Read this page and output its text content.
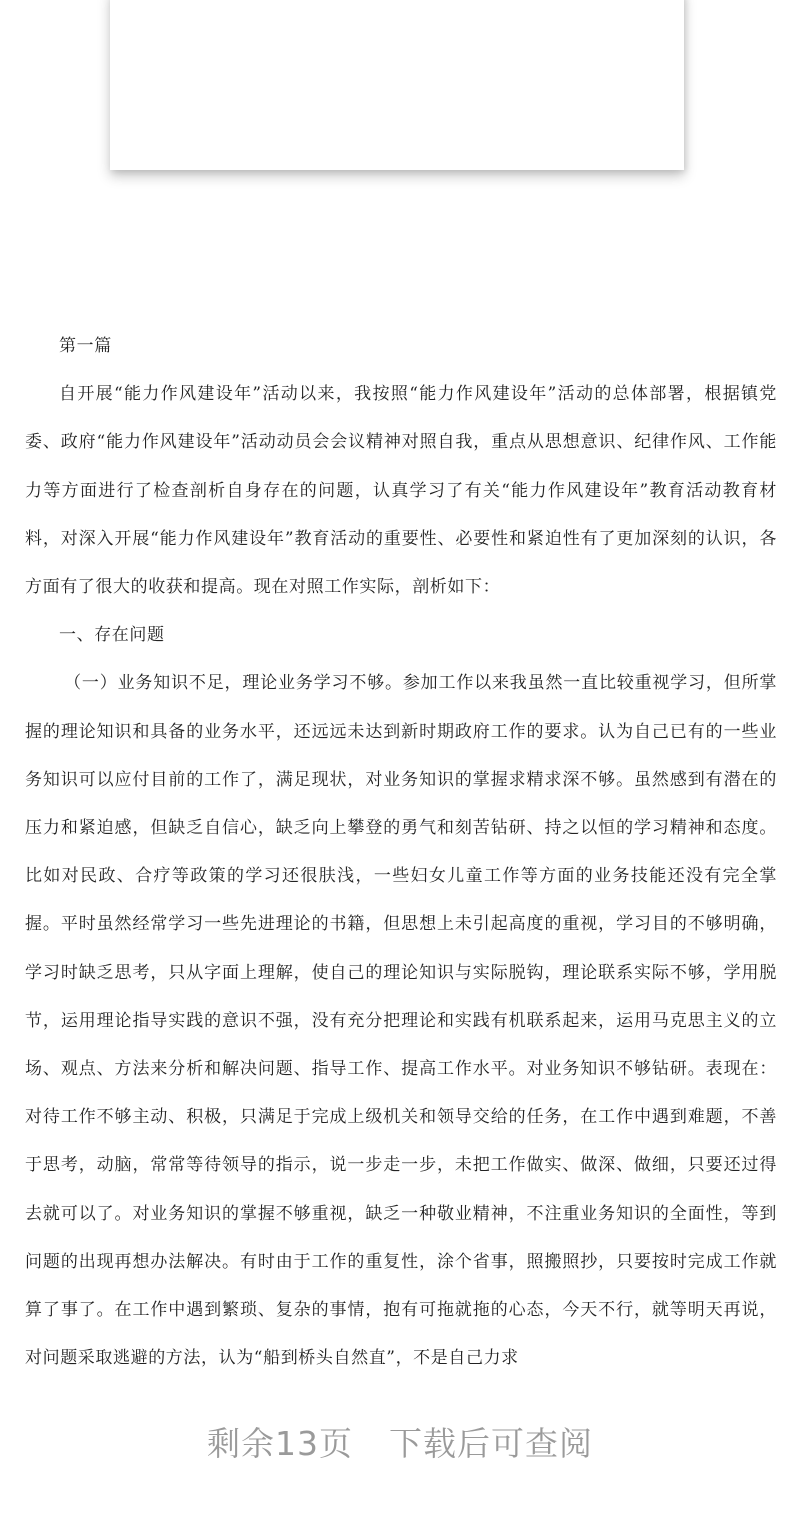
第一篇

自开展“能力作风建设年”活动以来，我按照“能力作风建设年”活动的总体部署，根据镇党委、政府“能力作风建设年”活动动员会会议精神对照自我，重点从思想意识、纪律作风、工作能力等方面进行了检查剖析自身存在的问题，认真学习了有关“能力作风建设年”教育活动教育材料，对深入开展“能力作风建设年”教育活动的重要性、必要性和紧迫性有了更加深刻的认识，各方面有了很大的收获和提高。现在对照工作实际，剖析如下：

一、存在问题

（一）业务知识不足，理论业务学习不够。参加工作以来我虽然一直比较重视学习，但所掌握的理论知识和具备的业务水平，还远远未达到新时期政府工作的要求。认为自己已有的一些业务知识可以应付目前的工作了，满足现状，对业务知识的掌握求精求深不够。虽然感到有潜在的压力和紧迫感，但缺乏自信心，缺乏向上攀登的勇气和刻苦钻研、持之以恒的学习精神和态度。比如对民政、合疗等政策的学习还很肤浅，一些妇女儿童工作等方面的业务技能还没有完全掌握。平时虽然经常学习一些先进理论的书籍，但思想上未引起高度的重视，学习目的不够明确，学习时缺乏思考，只从字面上理解，使自己的理论知识与实际脱钩，理论联系实际不够，学用脱节，运用理论指导实践的意识不强，没有充分把理论和实践有机联系起来，运用马克思主义的立场、观点、方法来分析和解决问题、指导工作、提高工作水平。对业务知识不够钻研。表现在：对待工作不够主动、积极，只满足于完成上级机关和领导交给的任务，在工作中遇到难题，不善于思考，动脑，常常等待领导的指示，说一步走一步，未把工作做实、做深、做细，只要还过得去就可以了。对业务知识的掌握不够重视，缺乏一种敬业精神，不注重业务知识的全面性，等到问题的出现再想办法解决。有时由于工作的重复性，涂个省事，照搬照抄，只要按时完成工作就算了事了。在工作中遇到繁琐、复杂的事情，抱有可拖就拖的心态，今天不行，就等明天再说，对问题采取逃避的方法，认为“船到桥头自然直”，不是自己力求

剩余13页 下载后可查阅
